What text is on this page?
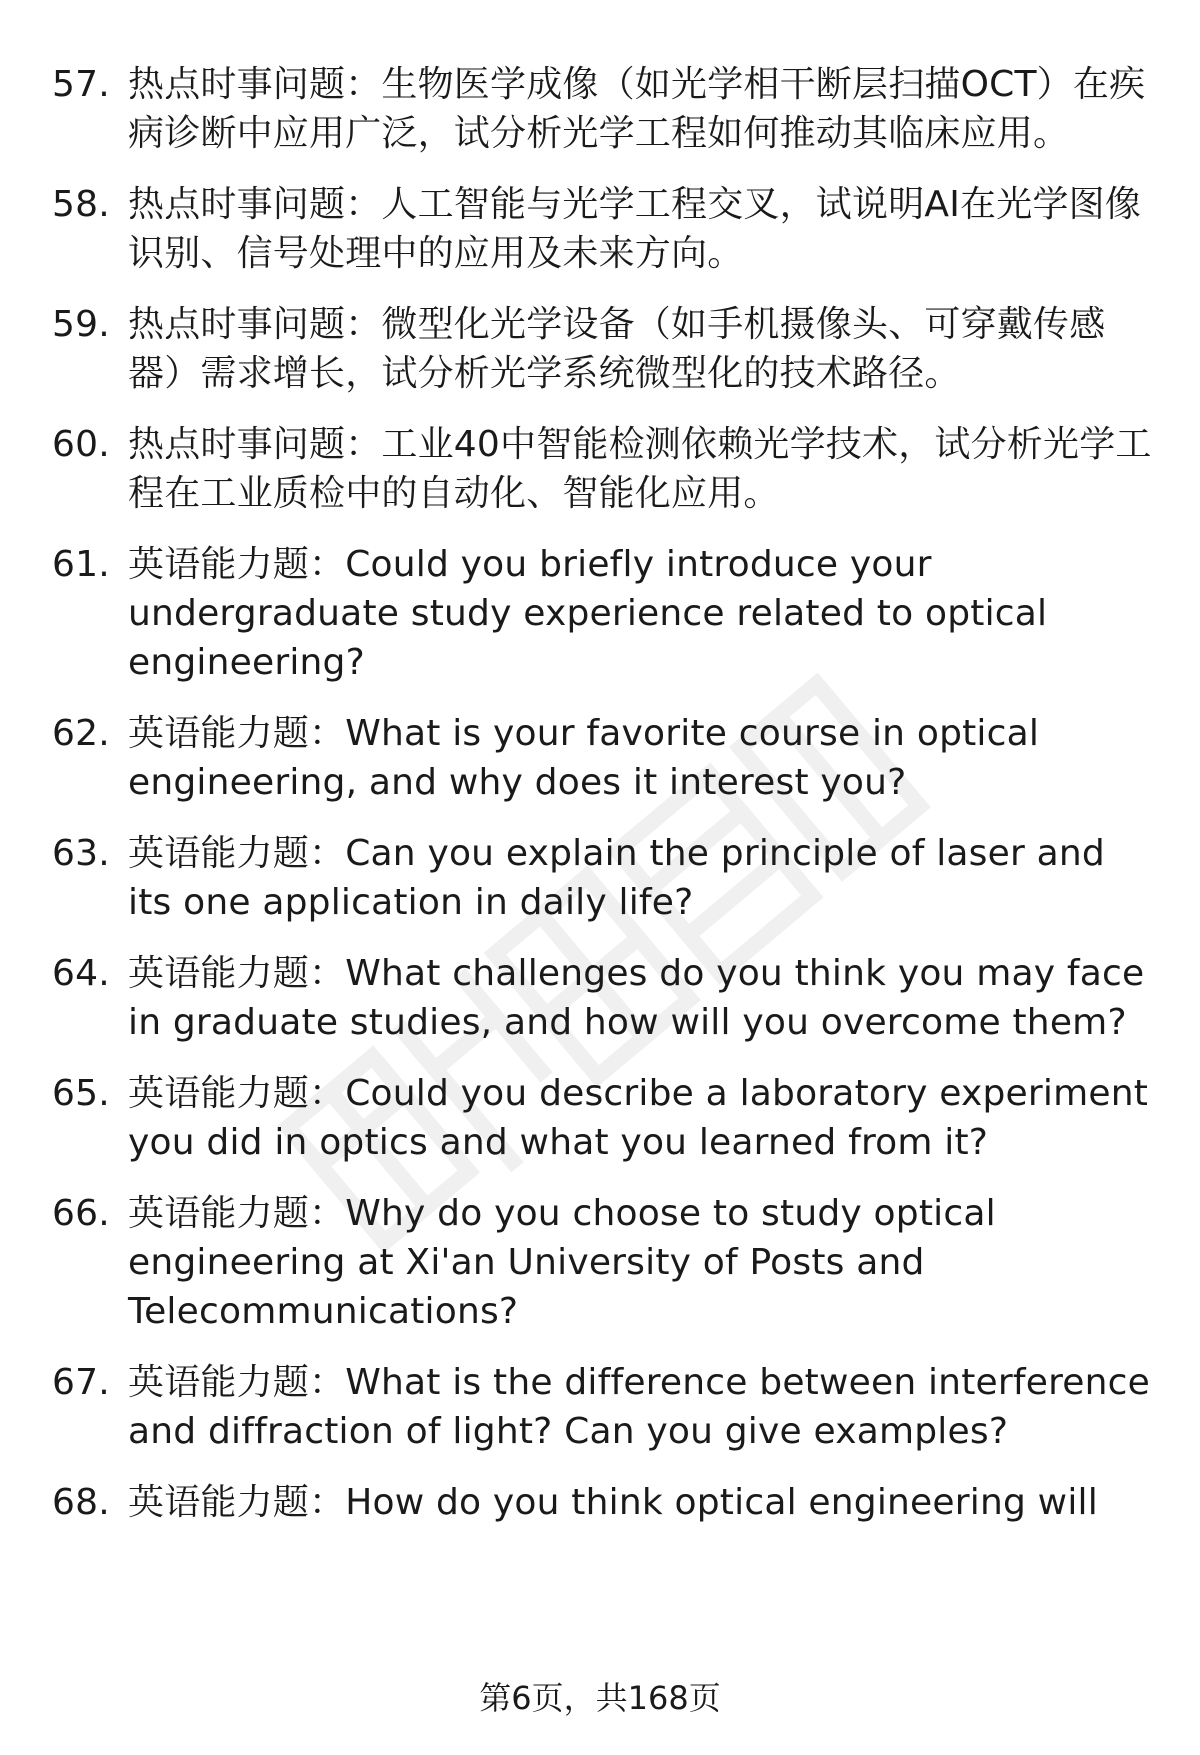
57. 热点时事问题：生物医学成像（如光学相干断层扫描OCT）在疾病诊断中应用广泛，试分析光学工程如何推动其临床应用。
58. 热点时事问题：人工智能与光学工程交叉，试说明AI在光学图像识别、信号处理中的应用及未来方向。
59. 热点时事问题：微型化光学设备（如手机摄像头、可穿戴传感器）需求增长，试分析光学系统微型化的技术路径。
60. 热点时事问题：工业40中智能检测依赖光学技术，试分析光学工程在工业质检中的自动化、智能化应用。
61. 英语能力题：Could you briefly introduce your undergraduate study experience related to optical engineering?
62. 英语能力题：What is your favorite course in optical engineering, and why does it interest you?
63. 英语能力题：Can you explain the principle of laser and its one application in daily life?
64. 英语能力题：What challenges do you think you may face in graduate studies, and how will you overcome them?
65. 英语能力题：Could you describe a laboratory experiment you did in optics and what you learned from it?
66. 英语能力题：Why do you choose to study optical engineering at Xi'an University of Posts and Telecommunications?
67. 英语能力题：What is the difference between interference and diffraction of light? Can you give examples?
68. 英语能力题：How do you think optical engineering will
第6页，共168页
